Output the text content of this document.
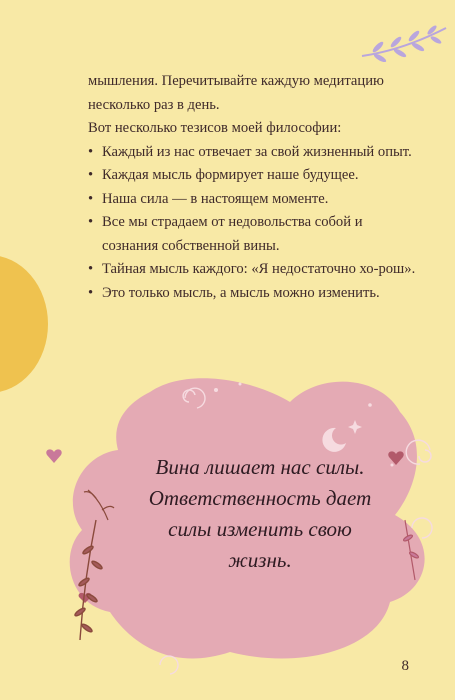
мышления. Перечитывайте каждую медитацию несколько раз в день.

Вот несколько тезисов моей философии:

• Каждый из нас отвечает за свой жизненный опыт.
• Каждая мысль формирует наше будущее.
• Наша сила — в настоящем моменте.
• Все мы страдаем от недовольства собой и сознания собственной вины.
• Тайная мысль каждого: «Я недостаточно хо-рош».
• Это только мысль, а мысль можно изменить.
Вина лишает нас силы.
Ответственность дает
силы изменить свою
жизнь.
8
